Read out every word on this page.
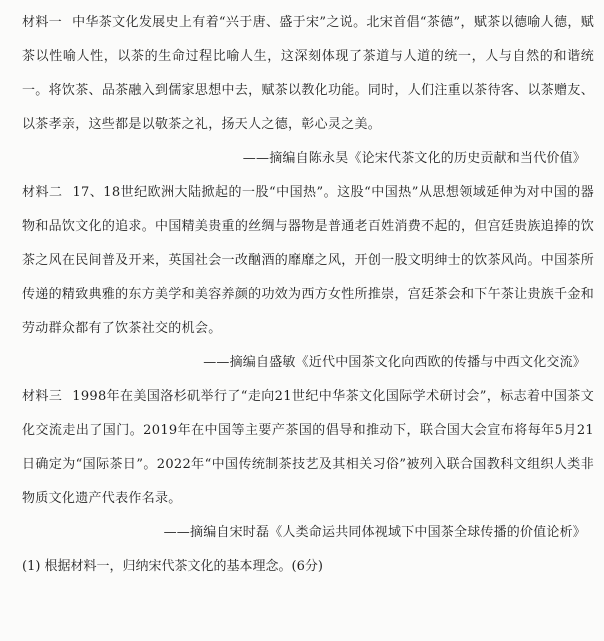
材料一 中华茶文化发展史上有着“兴于唐、盛于宋”之说。北宋首倡“茶德”，赋茶以德喻人德，赋茶以性喻人性，以茶的生命过程比喻人生，这深刻体现了茶道与人道的统一，人与自然的和谐统一。将饮茶、品茶融入到儒家思想中去，赋茶以教化功能。同时，人们注重以茶待客、以茶赠友、以茶孝亲，这些都是以敬茶之礼，扬天人之德，彰心灵之美。

——摘编自陈永昊《论宋代茶文化的历史贡献和当代价值》

材料二 17、18世纪欧洲大陆掀起的一股“中国热”。这股“中国热”从思想领域延伸为对中国的器物和品饮文化的追求。中国精美贵重的丝绸与器物是普通老百姓消费不起的，但宫廷贵族追捧的饮茶之风在民间普及开来，英国社会一改酗酒的靡靡之风，开创一股文明绅士的饮茶风尚。中国茶所传递的精致典雅的东方美学和美容养颜的功效为西方女性所推崇，宫廷茶会和下午茶让贵族千金和劳动群众都有了饮茶社交的机会。

——摘编自盛敏《近代中国茶文化向西欧的传播与中西文化交流》

材料三 1998年在美国洛杉矶举行了“走向21世纪中华茶文化国际学术研讨会”，标志着中国茶文化交流走出了国门。2019年在中国等主要产茶国的倡导和推动下，联合国大会宣布将每年5月21日确定为“国际茶日”。2022年“中国传统制茶技艺及其相关习俗”被列入联合国教科文组织人类非物质文化遗产代表作名录。

——摘编自宋时磊《人类命运共同体视域下中国茶全球传播的价值论析》

(1) 根据材料一，归纳宋代茶文化的基本理念。(6分)
